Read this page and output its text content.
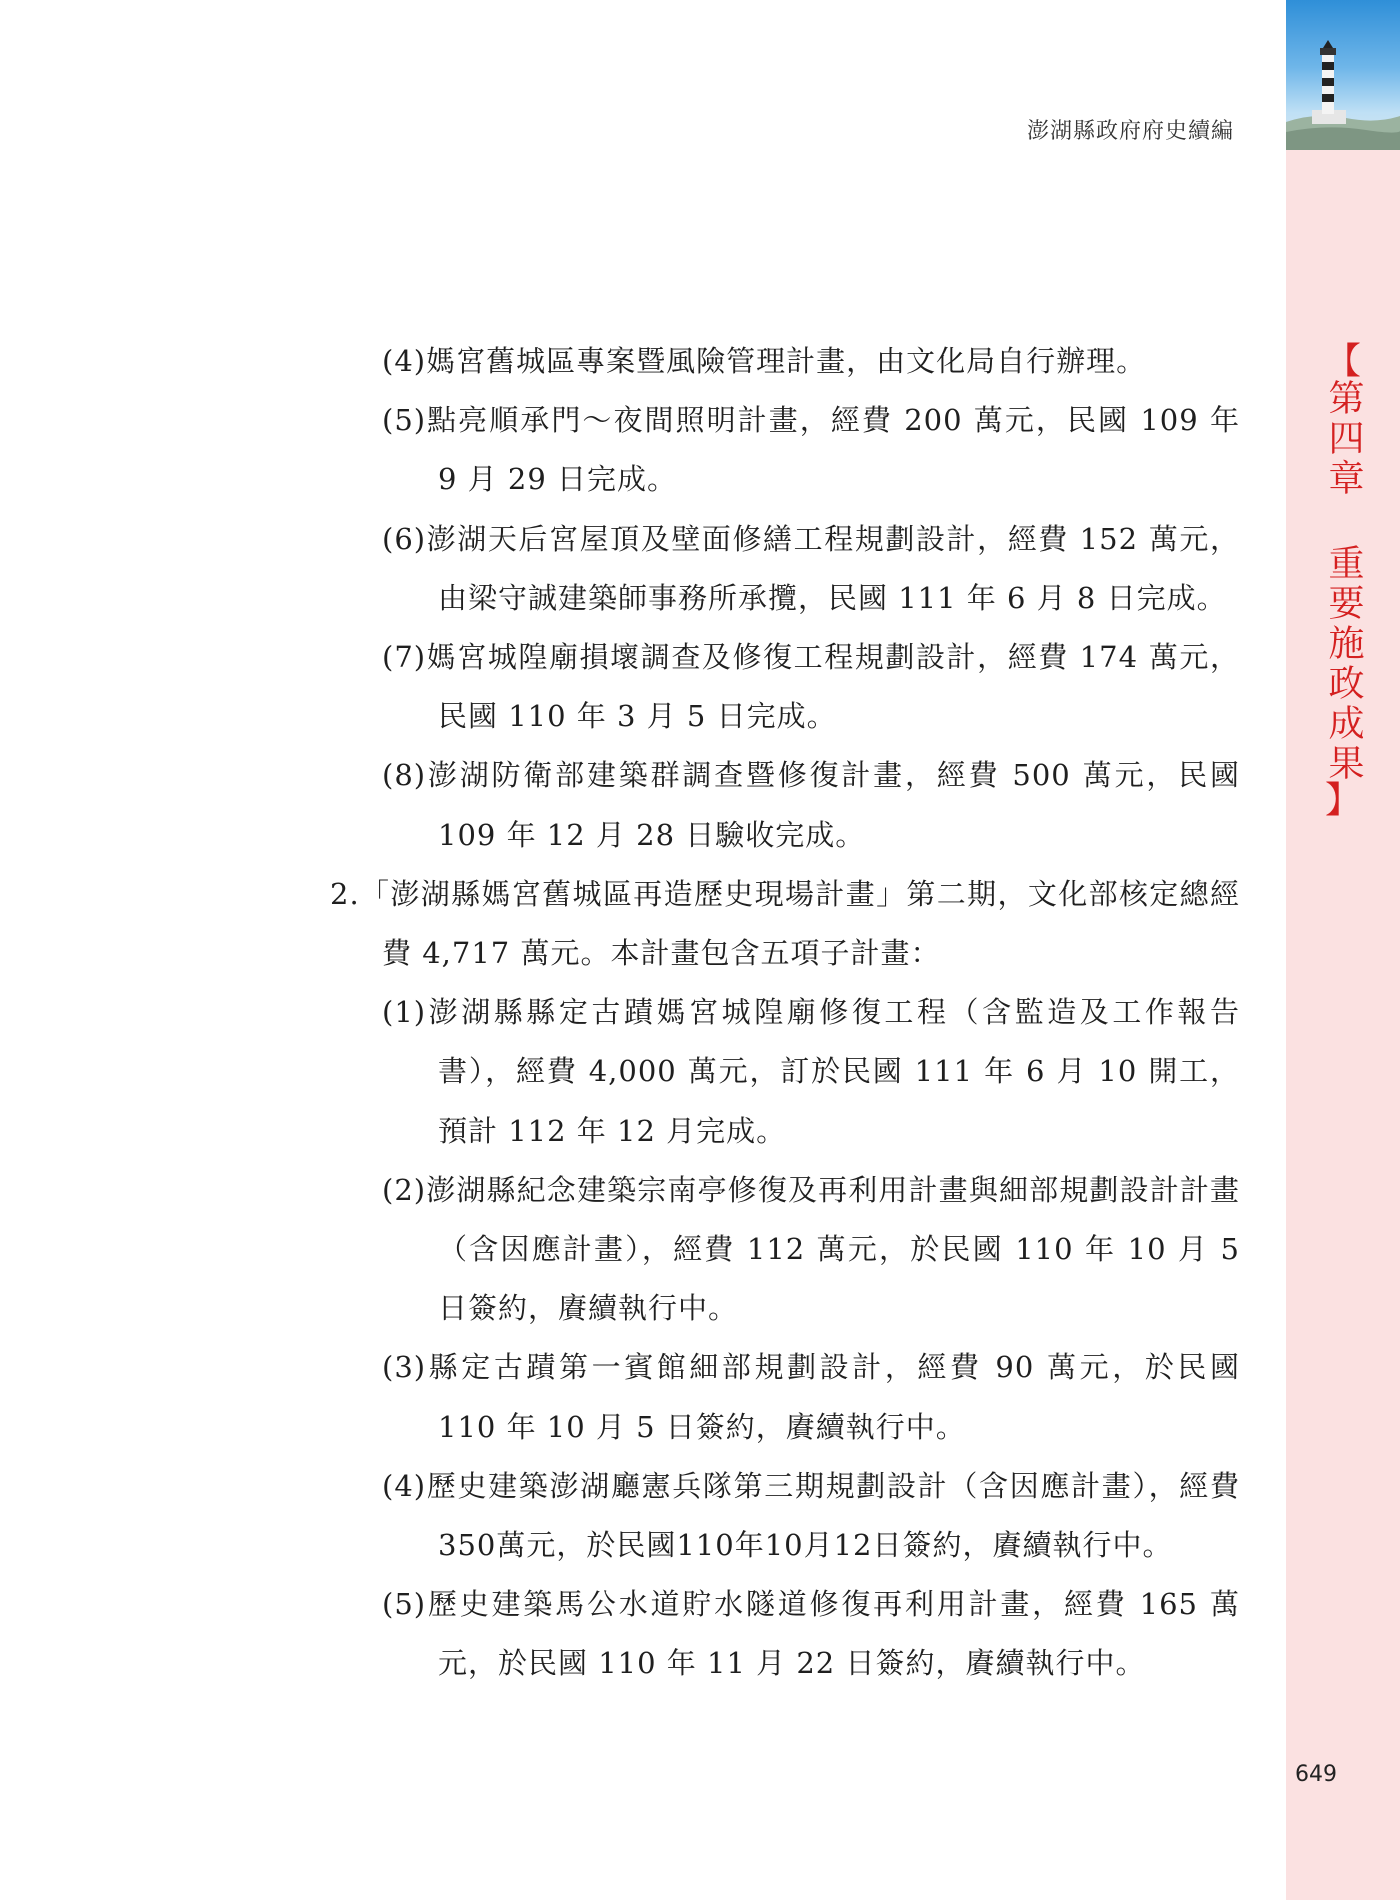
澎湖縣政府府史續編
【
第四章 重要施政成果
】

(4)媽宮舊城區專案暨風險管理計畫，由文化局自行辦理。

(5)點亮順承門～夜間照明計畫，經費 200 萬元，民國 109 年 9 月 29 日完成。

(6)澎湖天后宮屋頂及壁面修繕工程規劃設計，經費 152 萬元，由梁守誠建築師事務所承攬，民國 111 年 6 月 8 日完成。

(7)媽宮城隍廟損壞調查及修復工程規劃設計，經費 174 萬元，民國 110 年 3 月 5 日完成。

(8)澎湖防衛部建築群調查暨修復計畫，經費 500 萬元，民國 109 年 12 月 28 日驗收完成。

2.「澎湖縣媽宮舊城區再造歷史現場計畫」第二期，文化部核定總經費 4,717 萬元。本計畫包含五項子計畫：

(1)澎湖縣縣定古蹟媽宮城隍廟修復工程（含監造及工作報告書），經費 4,000 萬元，訂於民國 111 年 6 月 10 開工，預計 112 年 12 月完成。

(2)澎湖縣紀念建築宗南亭修復及再利用計畫與細部規劃設計計畫（含因應計畫），經費 112 萬元，於民國 110 年 10 月 5 日簽約，賡續執行中。

(3)縣定古蹟第一賓館細部規劃設計，經費 90 萬元，於民國 110 年 10 月 5 日簽約，賡續執行中。

(4)歷史建築澎湖廳憲兵隊第三期規劃設計（含因應計畫），經費350萬元，於民國110年10月12日簽約，賡續執行中。

(5)歷史建築馬公水道貯水隧道修復再利用計畫，經費 165 萬元，於民國 110 年 11 月 22 日簽約，賡續執行中。

649
